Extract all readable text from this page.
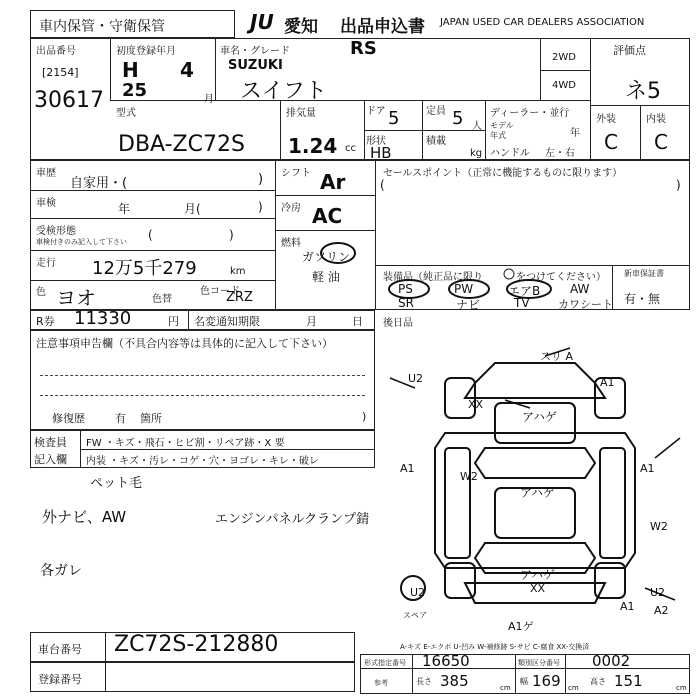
車内保管・守衛保管	JU 愛知 出品申込書 JAPAN USED CAR DEALERS ASSOCIATION
出品番号
[2154]
30617
初度登録年月
H
25
4
月
車名・グレード
SUZUKI
スイフト
RS	2WD
4WD
評価点
ネ5
外装	内装
C C
型式
DBA-ZC72S
排気量
1.24 cc
ドア 5	定員 5 人
形状
HB
積載
kg
ディーラー・並行
モデル
年式	年
ハンドル 左・右
車歴
自家用・(	)
車検	年	月(	)
受検形態
車検付きのみ記入して下さい (                    )
走行 12万5千279	km
色 ヨオ	色替
色コード
ZRZ
シフト Ar
冷房 AC
燃料
ガソリン
軽 油
セールスポイント（正常に機能するものに限ります）
(	)
装備品（純正品に限り	をつけてください）
PS	PW	エアB AW
SR	ナビ	TV	カワシート
新車保証書
有・無
R券 11330	円 名変通知期限	月	日 後日品
注意事項申告欄（不具合内容等は具体的に記入して下さい）
修復歴	有 箇所	)
検査員
記入欄
FW ・キズ・飛石・ヒビ割・リペア跡・X 要
内装 ・キズ・汚レ・コゲ・穴・ヨゴレ・キレ・破レ
ペット毛
外ナビ、AW	エンジンパネルクランプ錆
各ガレ
スリ A
U2
XX
アハゲ
W2
アハゲ
アハゲ
XX
A1	A1
A1
U2
スペア
A1ゲ
A1 A2
U2
W2
A-キズ E-エクボ U-凹み W-補修跡 S-サビ C-腐食 XX-交換済
車台番号 ZC72S-212880
登録番号
形式指定番号 16650	類別区分番号 0002
参考	長さ 385	cm
幅 169 cm
高さ 151	cm
